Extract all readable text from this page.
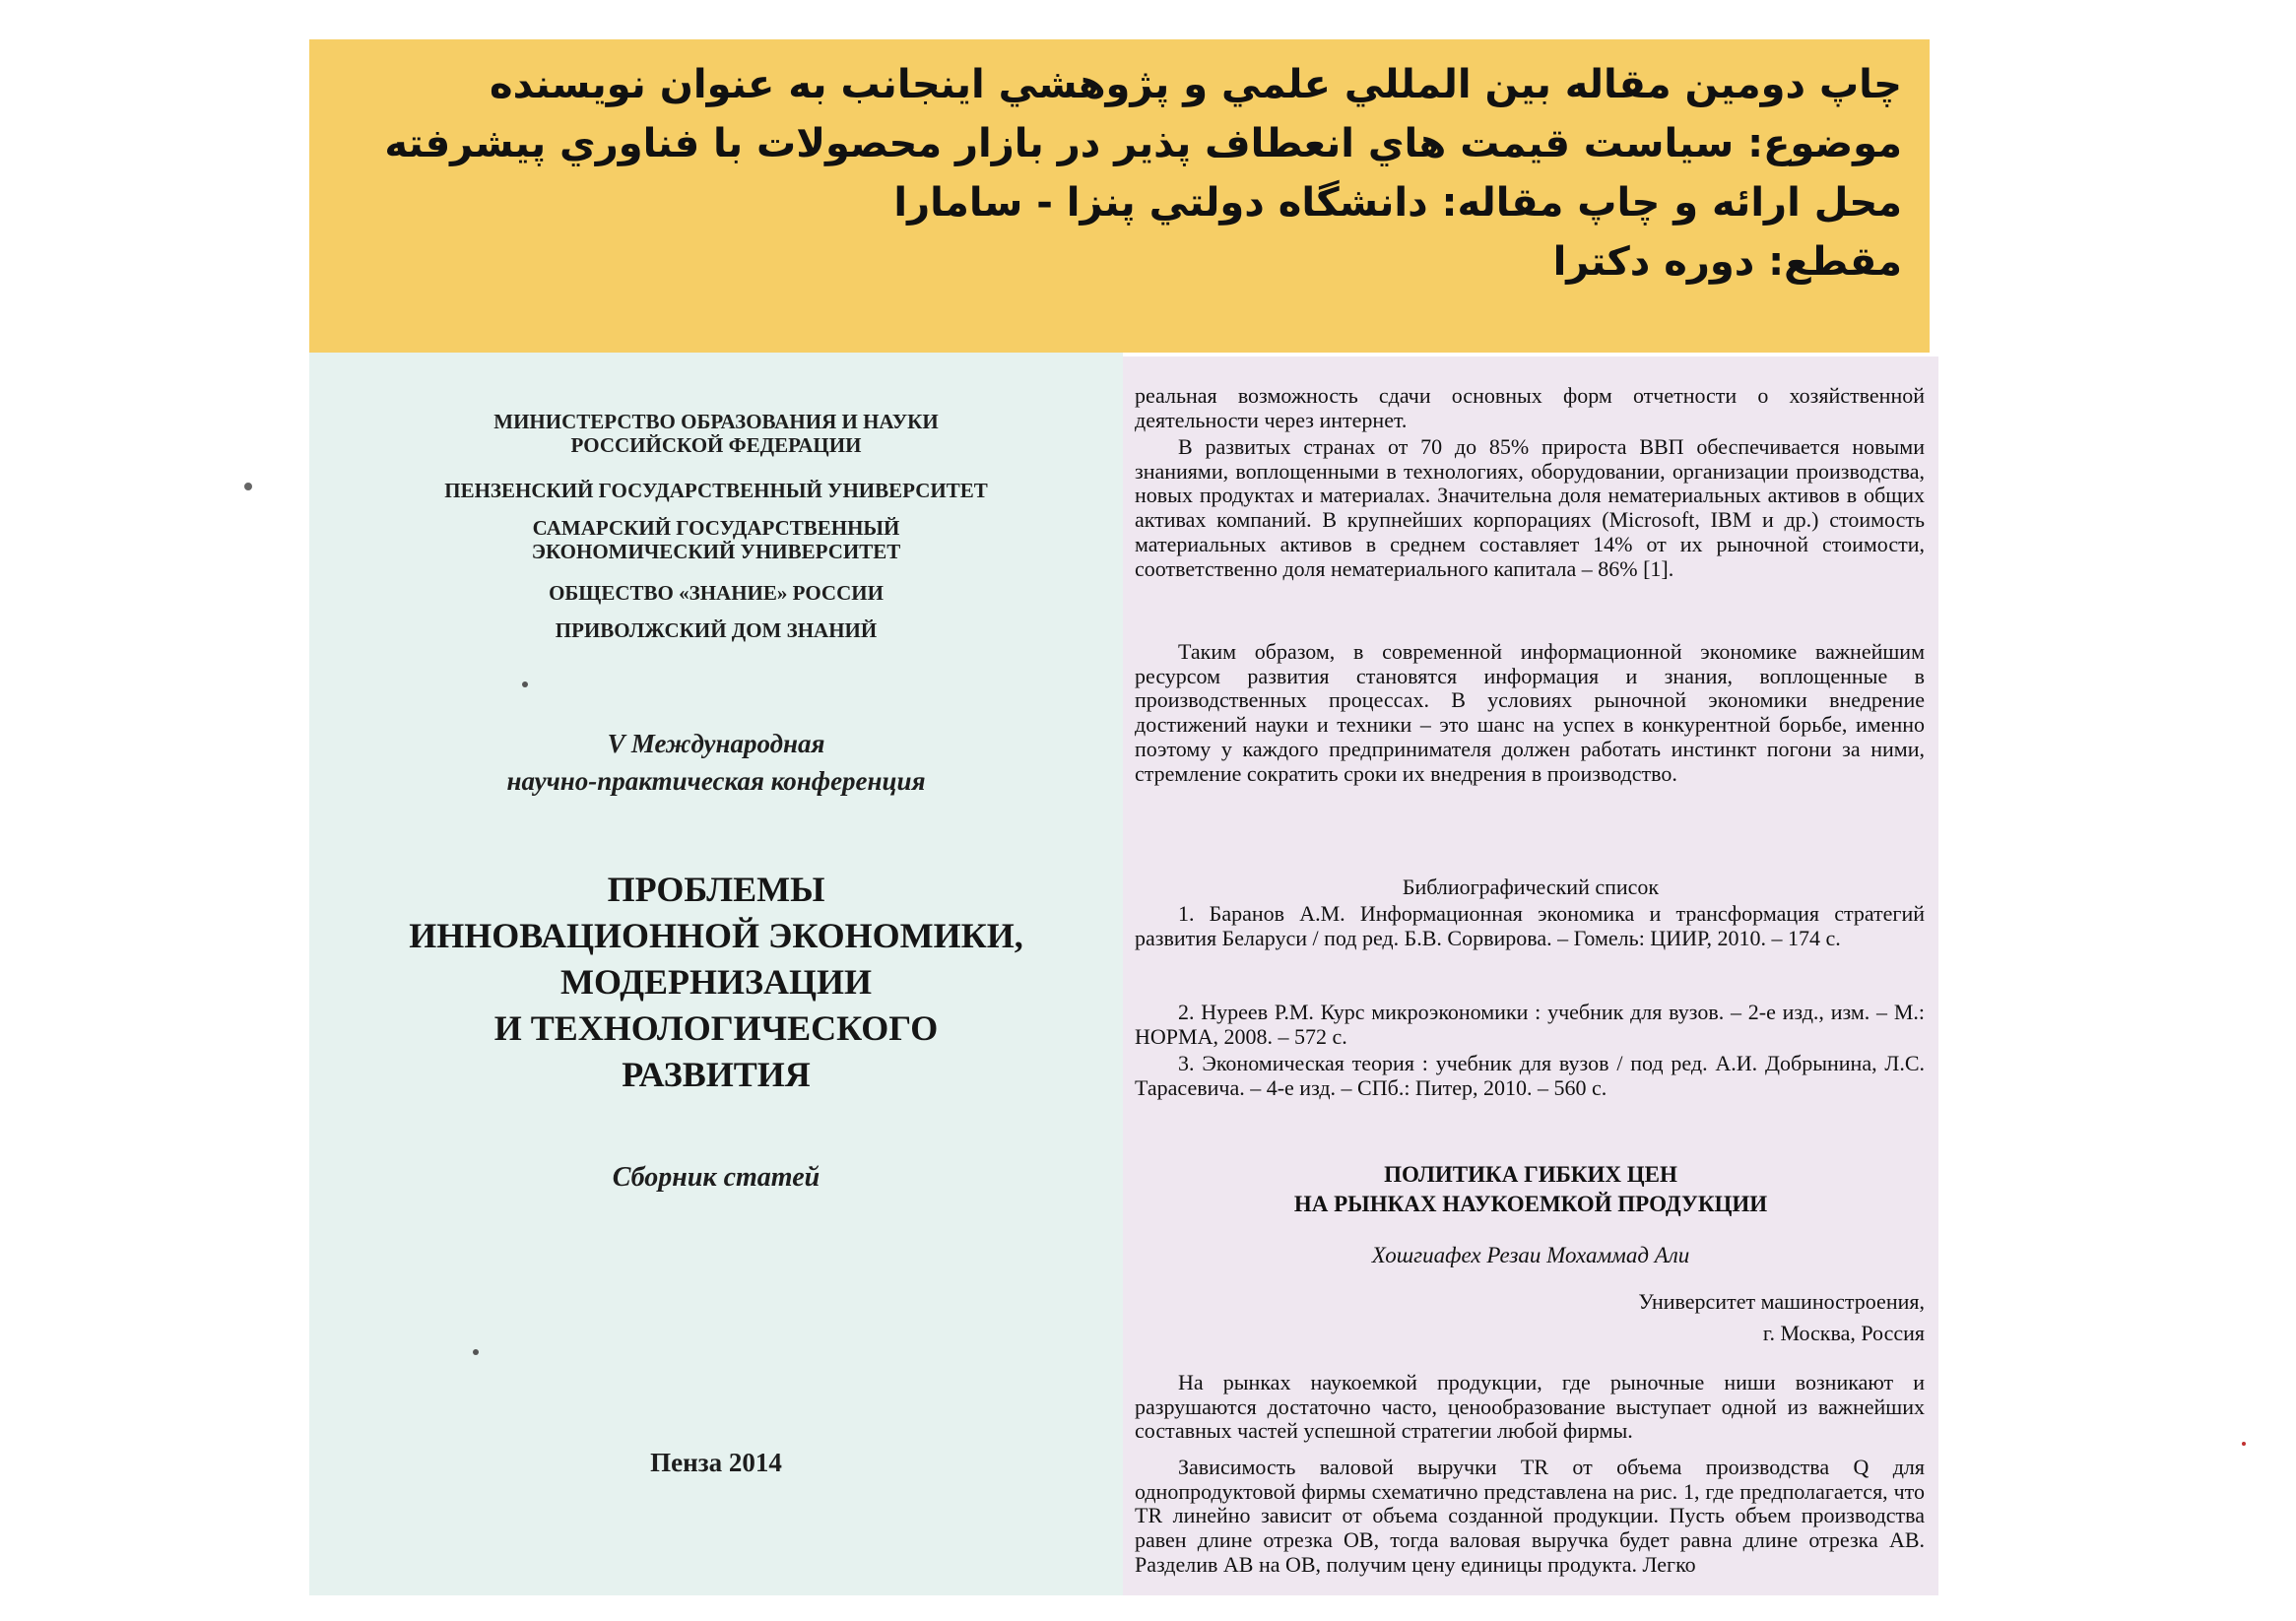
چاپ دومين مقاله بين المللي علمي و پژوهشي اينجانب به عنوان نويسنده
موضوع: سياست قيمت هاي انعطاف پذير در بازار محصولات با فناوري پيشرفته
محل ارائه و چاپ مقاله: دانشگاه دولتي پنزا - سامارا
مقطع: دوره دكترا
МИНИСТЕРСТВО ОБРАЗОВАНИЯ И НАУКИ
РОССИЙСКОЙ ФЕДЕРАЦИИ
ПЕНЗЕНСКИЙ ГОСУДАРСТВЕННЫЙ УНИВЕРСИТЕТ
САМАРСКИЙ ГОСУДАРСТВЕННЫЙ
ЭКОНОМИЧЕСКИЙ УНИВЕРСИТЕТ
ОБЩЕСТВО «ЗНАНИЕ» РОССИИ
ПРИВОЛЖСКИЙ ДОМ ЗНАНИЙ
V Международная
научно-практическая конференция
ПРОБЛЕМЫ
ИННОВАЦИОННОЙ ЭКОНОМИКИ,
МОДЕРНИЗАЦИИ
И ТЕХНОЛОГИЧЕСКОГО
РАЗВИТИЯ
Сборник статей
Пенза 2014
реальная возможность сдачи основных форм отчетности о хозяйственной деятельности через интернет.
В развитых странах от 70 до 85% прироста ВВП обеспечивается новыми знаниями, воплощенными в технологиях, оборудовании, организации производства, новых продуктах и материалах. Значительна доля нематериальных активов в общих активах компаний. В крупнейших корпорациях (Microsoft, IBM и др.) стоимость материальных активов в среднем составляет 14% от их рыночной стоимости, соответственно доля нематериального капитала – 86% [1].
Таким образом, в современной информационной экономике важнейшим ресурсом развития становятся информация и знания, воплощенные в производственных процессах. В условиях рыночной экономики внедрение достижений науки и техники – это шанс на успех в конкурентной борьбе, именно поэтому у каждого предпринимателя должен работать инстинкт погони за ними, стремление сократить сроки их внедрения в производство.
Библиографический список
1. Баранов А.М. Информационная экономика и трансформация стратегий развития Беларуси / под ред. Б.В. Сорвирова. – Гомель: ЦИИР, 2010. – 174 с.
2. Нуреев Р.М. Курс микроэкономики : учебник для вузов. – 2-е изд., изм. – М.: НОРМА, 2008. – 572 с.
3. Экономическая теория : учебник для вузов / под ред. А.И. Добрынина, Л.С. Тарасевича. – 4-е изд. – СПб.: Питер, 2010. – 560 с.
ПОЛИТИКА ГИБКИХ ЦЕН
НА РЫНКАХ НАУКОЕМКОЙ ПРОДУКЦИИ
Хошгиафех Резаи Мохаммад Али
Университет машиностроения,
г. Москва, Россия
На рынках наукоемкой продукции, где рыночные ниши возникают и разрушаются достаточно часто, ценообразование выступает одной из важнейших составных частей успешной стратегии любой фирмы.
Зависимость валовой выручки TR от объема производства Q для однопродуктовой фирмы схематично представлена на рис. 1, где предполагается, что TR линейно зависит от объема созданной продукции. Пусть объем производства равен длине отрезка OB, тогда валовая выручка будет равна длине отрезка AB. Разделив AB на OB, получим цену единицы продукта. Легко
